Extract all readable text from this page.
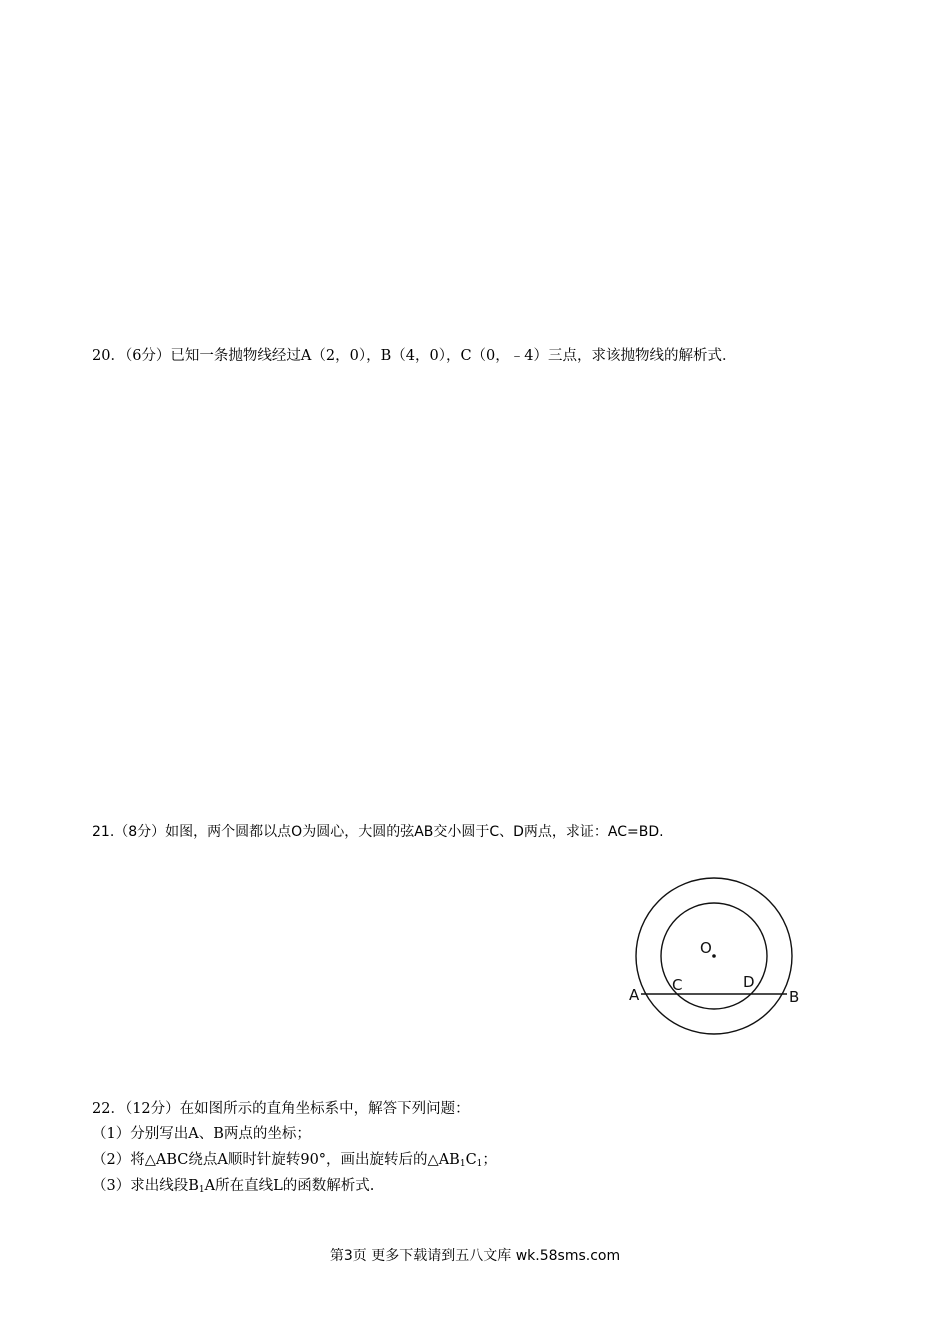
20．（6分）已知一条抛物线经过A（2，0），B（4，0），C（0，﹣4）三点，求该抛物线的解析式．
21.（8分）如图，两个圆都以点O为圆心，大圆的弦AB交小圆于C、D两点，求证：AC=BD.
O
A	B
C	D
22．（12分）在如图所示的直角坐标系中，解答下列问题：
（1）分别写出A、B两点的坐标；
（2）将△ABC绕点A顺时针旋转90°，画出旋转后的$\triangle AB_1C_1$；
（3）求出线段$B_1A$所在直线L的函数解析式.
第3页 更多下载请到五八文库 wk.58sms.com
